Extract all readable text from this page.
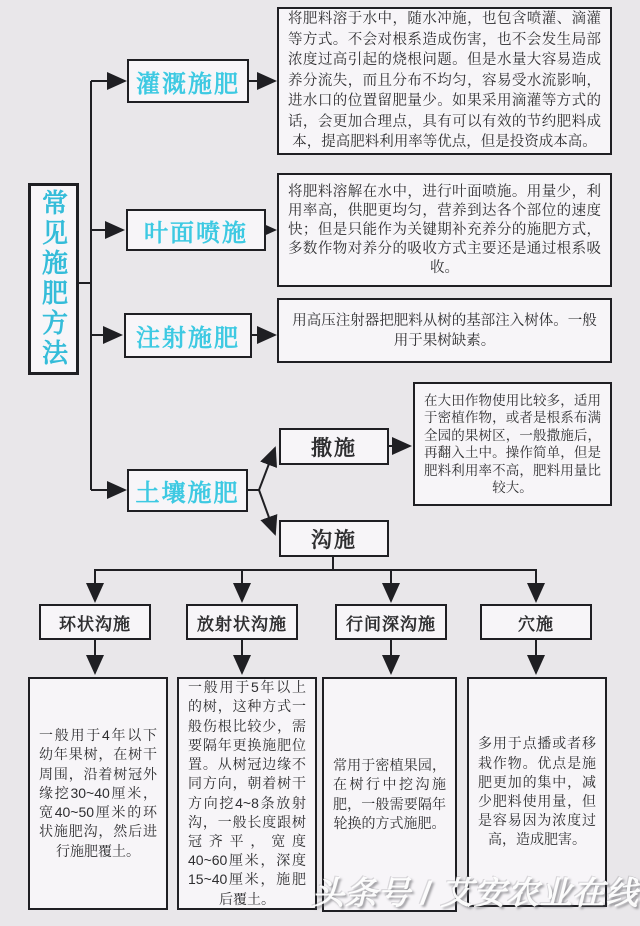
常见施肥方法
灌溉施肥
叶面喷施
注射施肥
土壤施肥
将肥料溶于水中，随水冲施，也包含喷灌、滴灌等方式。不会对根系造成伤害，也不会发生局部浓度过高引起的烧根问题。但是水量大容易造成养分流失，而且分布不均匀，容易受水流影响，进水口的位置留肥量少。如果采用滴灌等方式的话，会更加合理点，具有可以有效的节约肥料成本，提高肥料利用率等优点，但是投资成本高。
将肥料溶解在水中，进行叶面喷施。用量少，利用率高，供肥更均匀，营养到达各个部位的速度快；但是只能作为关键期补充养分的施肥方式，多数作物对养分的吸收方式主要还是通过根系吸收。
用高压注射器把肥料从树的基部注入树体。一般用于果树缺素。
撒施
沟施
在大田作物使用比较多，适用于密植作物，或者是根系布满全园的果树区，一般撒施后，再翻入土中。操作简单，但是肥料利用率不高，肥料用量比较大。
环状沟施	放射状沟施	行间深沟施	穴施
一般用于4年以下幼年果树，在树干周围，沿着树冠外缘挖30~40厘米，宽40~50厘米的环状施肥沟，然后进行施肥覆土。
一般用于5年以上的树，这种方式一般伤根比较少，需要隔年更换施肥位置。从树冠边缘不同方向，朝着树干方向挖4~8条放射沟，一般长度跟树冠齐平，宽度40~60厘米，深度15~40厘米，施肥后覆土。
常用于密植果园，在树行中挖沟施肥，一般需要隔年轮换的方式施肥。
多用于点播或者移栽作物。优点是施肥更加的集中，减少肥料使用量，但是容易因为浓度过高，造成肥害。
头条号 / 艾安农业在线
